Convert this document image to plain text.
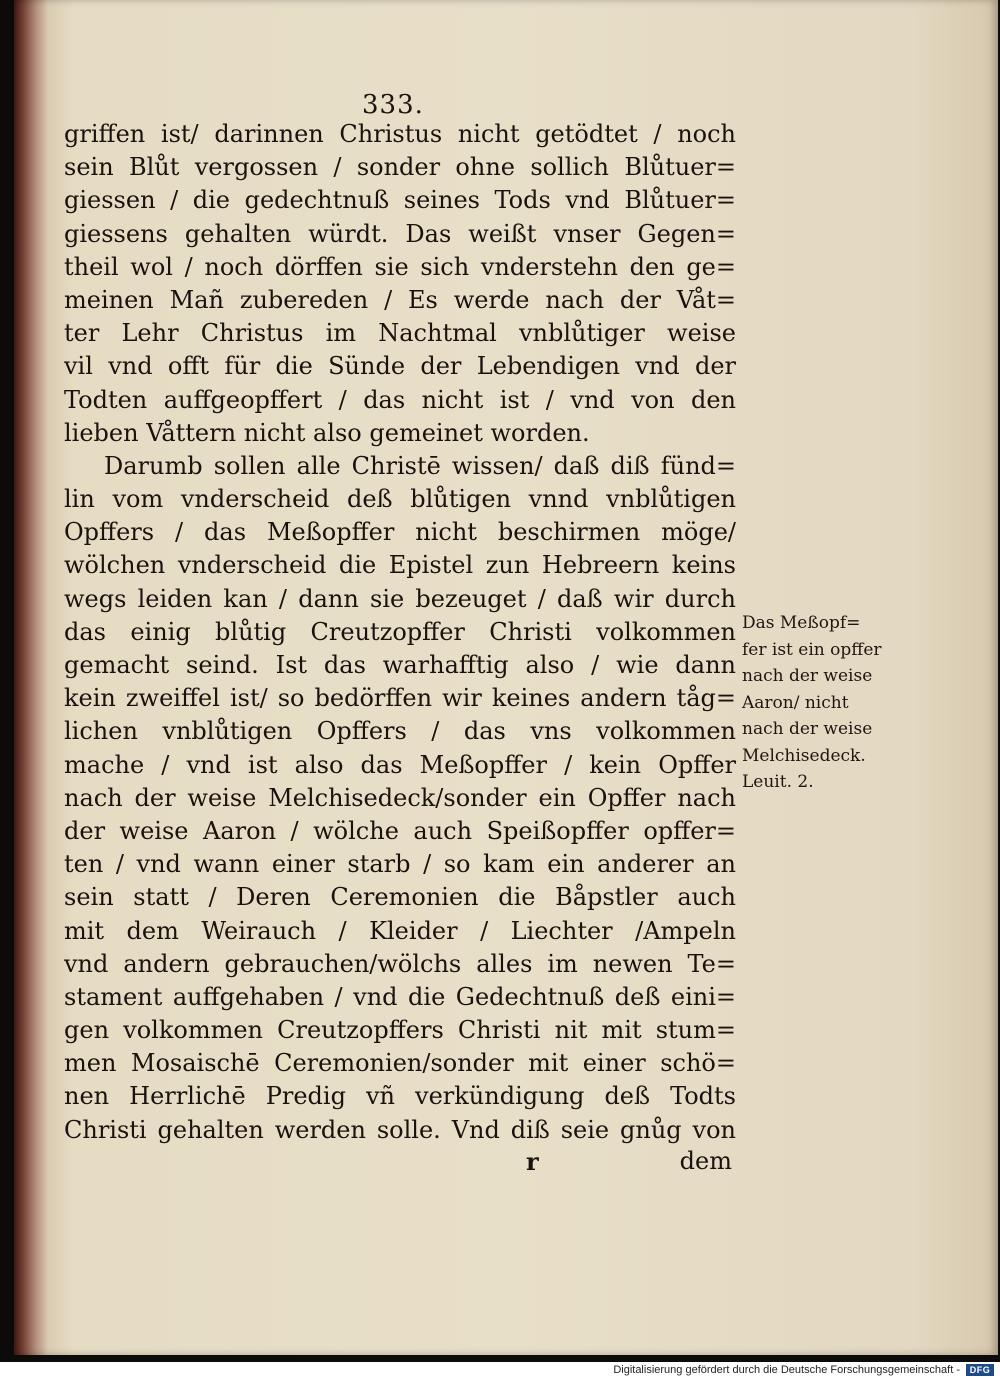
333.
griffen ist/ darinnen Christus nicht getödtet / noch
sein Blůt vergossen / sonder ohne sollich Blůtuer=
giessen / die gedechtnuß seines Tods vnd Blůtuer=
giessens gehalten würdt. Das weißt vnser Gegen=
theil wol / noch dörffen sie sich vnderstehn den ge=
meinen Mañ zubereden / Es werde nach der Våt=
ter Lehr Christus im Nachtmal vnblůtiger weise
vil vnd offt für die Sünde der Lebendigen vnd der
Todten auffgeopffert / das nicht ist / vnd von den
lieben Våttern nicht also gemeinet worden.
Darumb sollen alle Christē wissen/ daß diß fünd=
lin vom vnderscheid deß blůtigen vnnd vnblůtigen
Opffers / das Meßopffer nicht beschirmen möge/
wölchen vnderscheid die Epistel zun Hebreern keins
wegs leiden kan / dann sie bezeuget / daß wir durch
das einig blůtig Creutzopffer Christi volkommen
gemacht seind. Ist das warhafftig also / wie dann
kein zweiffel ist/ so bedörffen wir keines andern tåg=
lichen vnblůtigen Opffers / das vns volkommen
mache / vnd ist also das Meßopffer / kein Opffer
nach der weise Melchisedeck/sonder ein Opffer nach
der weise Aaron / wölche auch Speißopffer opffer=
ten / vnd wann einer starb / so kam ein anderer an
sein statt / Deren Ceremonien die Båpstler auch
mit dem Weirauch / Kleider / Liechter /Ampeln
vnd andern gebrauchen/wölchs alles im newen Te=
stament auffgehaben / vnd die Gedechtnuß deß eini=
gen volkommen Creutzopffers Christi nit mit stum=
men Mosaischē Ceremonien/sonder mit einer schö=
nen Herrlichē Predig vñ verkündigung deß Todts
Christi gehalten werden solle. Vnd diß seie gnůg von
r	dem
Das Meßopf=
fer ist ein opffer
nach der weise
Aaron/ nicht
nach der weise
Melchisedeck.
Leuit. 2.
Digitalisierung gefördert durch die Deutsche Forschungsgemeinschaft -	DFG
